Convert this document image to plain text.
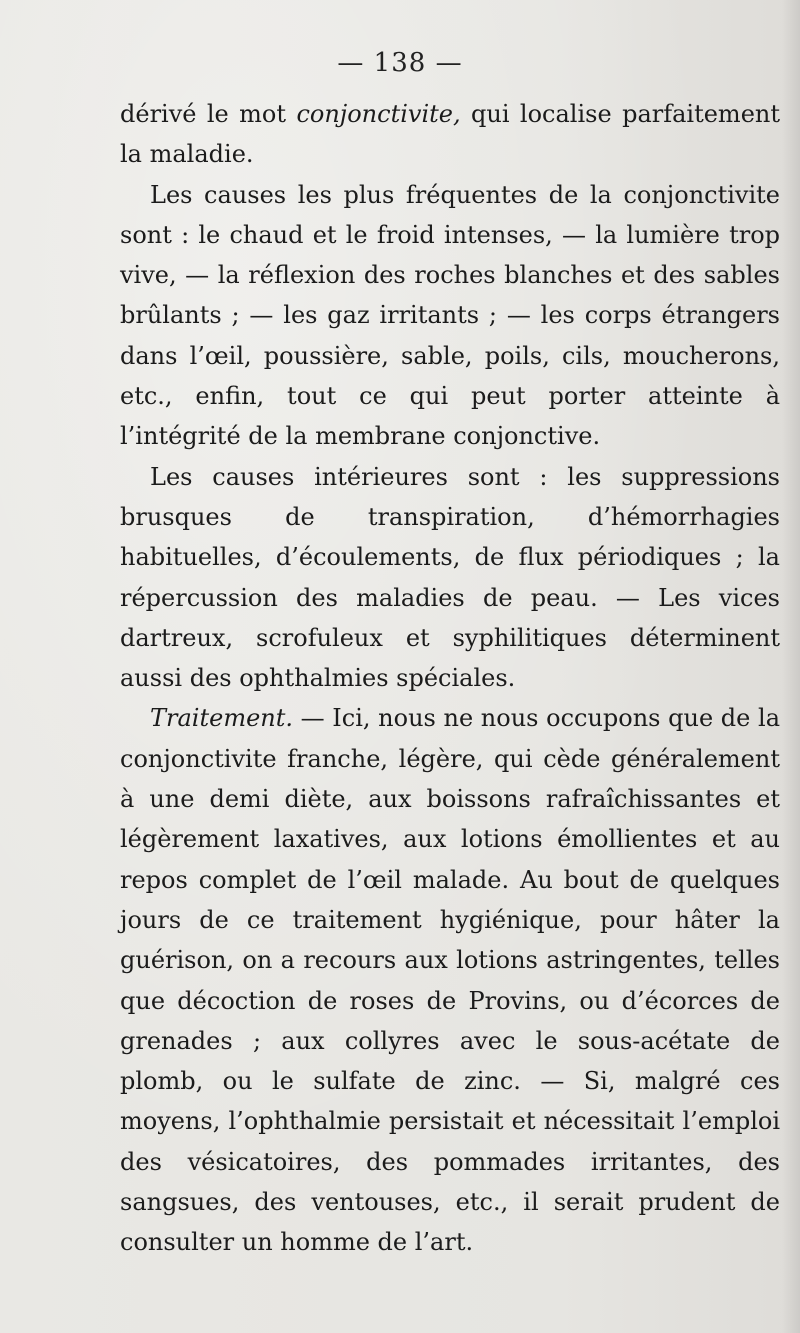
— 138 —

dérivé le mot conjonctivite, qui localise parfaitement la maladie.

Les causes les plus fréquentes de la conjonctivite sont : le chaud et le froid intenses, — la lumière trop vive, — la réflexion des roches blanches et des sables brûlants ; — les gaz irritants ; — les corps étrangers dans l’œil, poussière, sable, poils, cils, moucherons, etc., enfin, tout ce qui peut porter atteinte à l’intégrité de la membrane conjonctive.

Les causes intérieures sont : les suppressions brusques de transpiration, d’hémorrhagies habituelles, d’écoulements, de flux périodiques ; la répercussion des maladies de peau. — Les vices dartreux, scrofuleux et syphilitiques déterminent aussi des ophthalmies spéciales.

Traitement. — Ici, nous ne nous occupons que de la conjonctivite franche, légère, qui cède généralement à une demi diète, aux boissons rafraîchissantes et légèrement laxatives, aux lotions émollientes et au repos complet de l’œil malade. Au bout de quelques jours de ce traitement hygiénique, pour hâter la guérison, on a recours aux lotions astringentes, telles que décoction de roses de Provins, ou d’écorces de grenades ; aux collyres avec le sous-acétate de plomb, ou le sulfate de zinc. — Si, malgré ces moyens, l’ophthalmie persistait et nécessitait l’emploi des vésicatoires, des pommades irritantes, des sangsues, des ventouses, etc., il serait prudent de consulter un homme de l’art.
